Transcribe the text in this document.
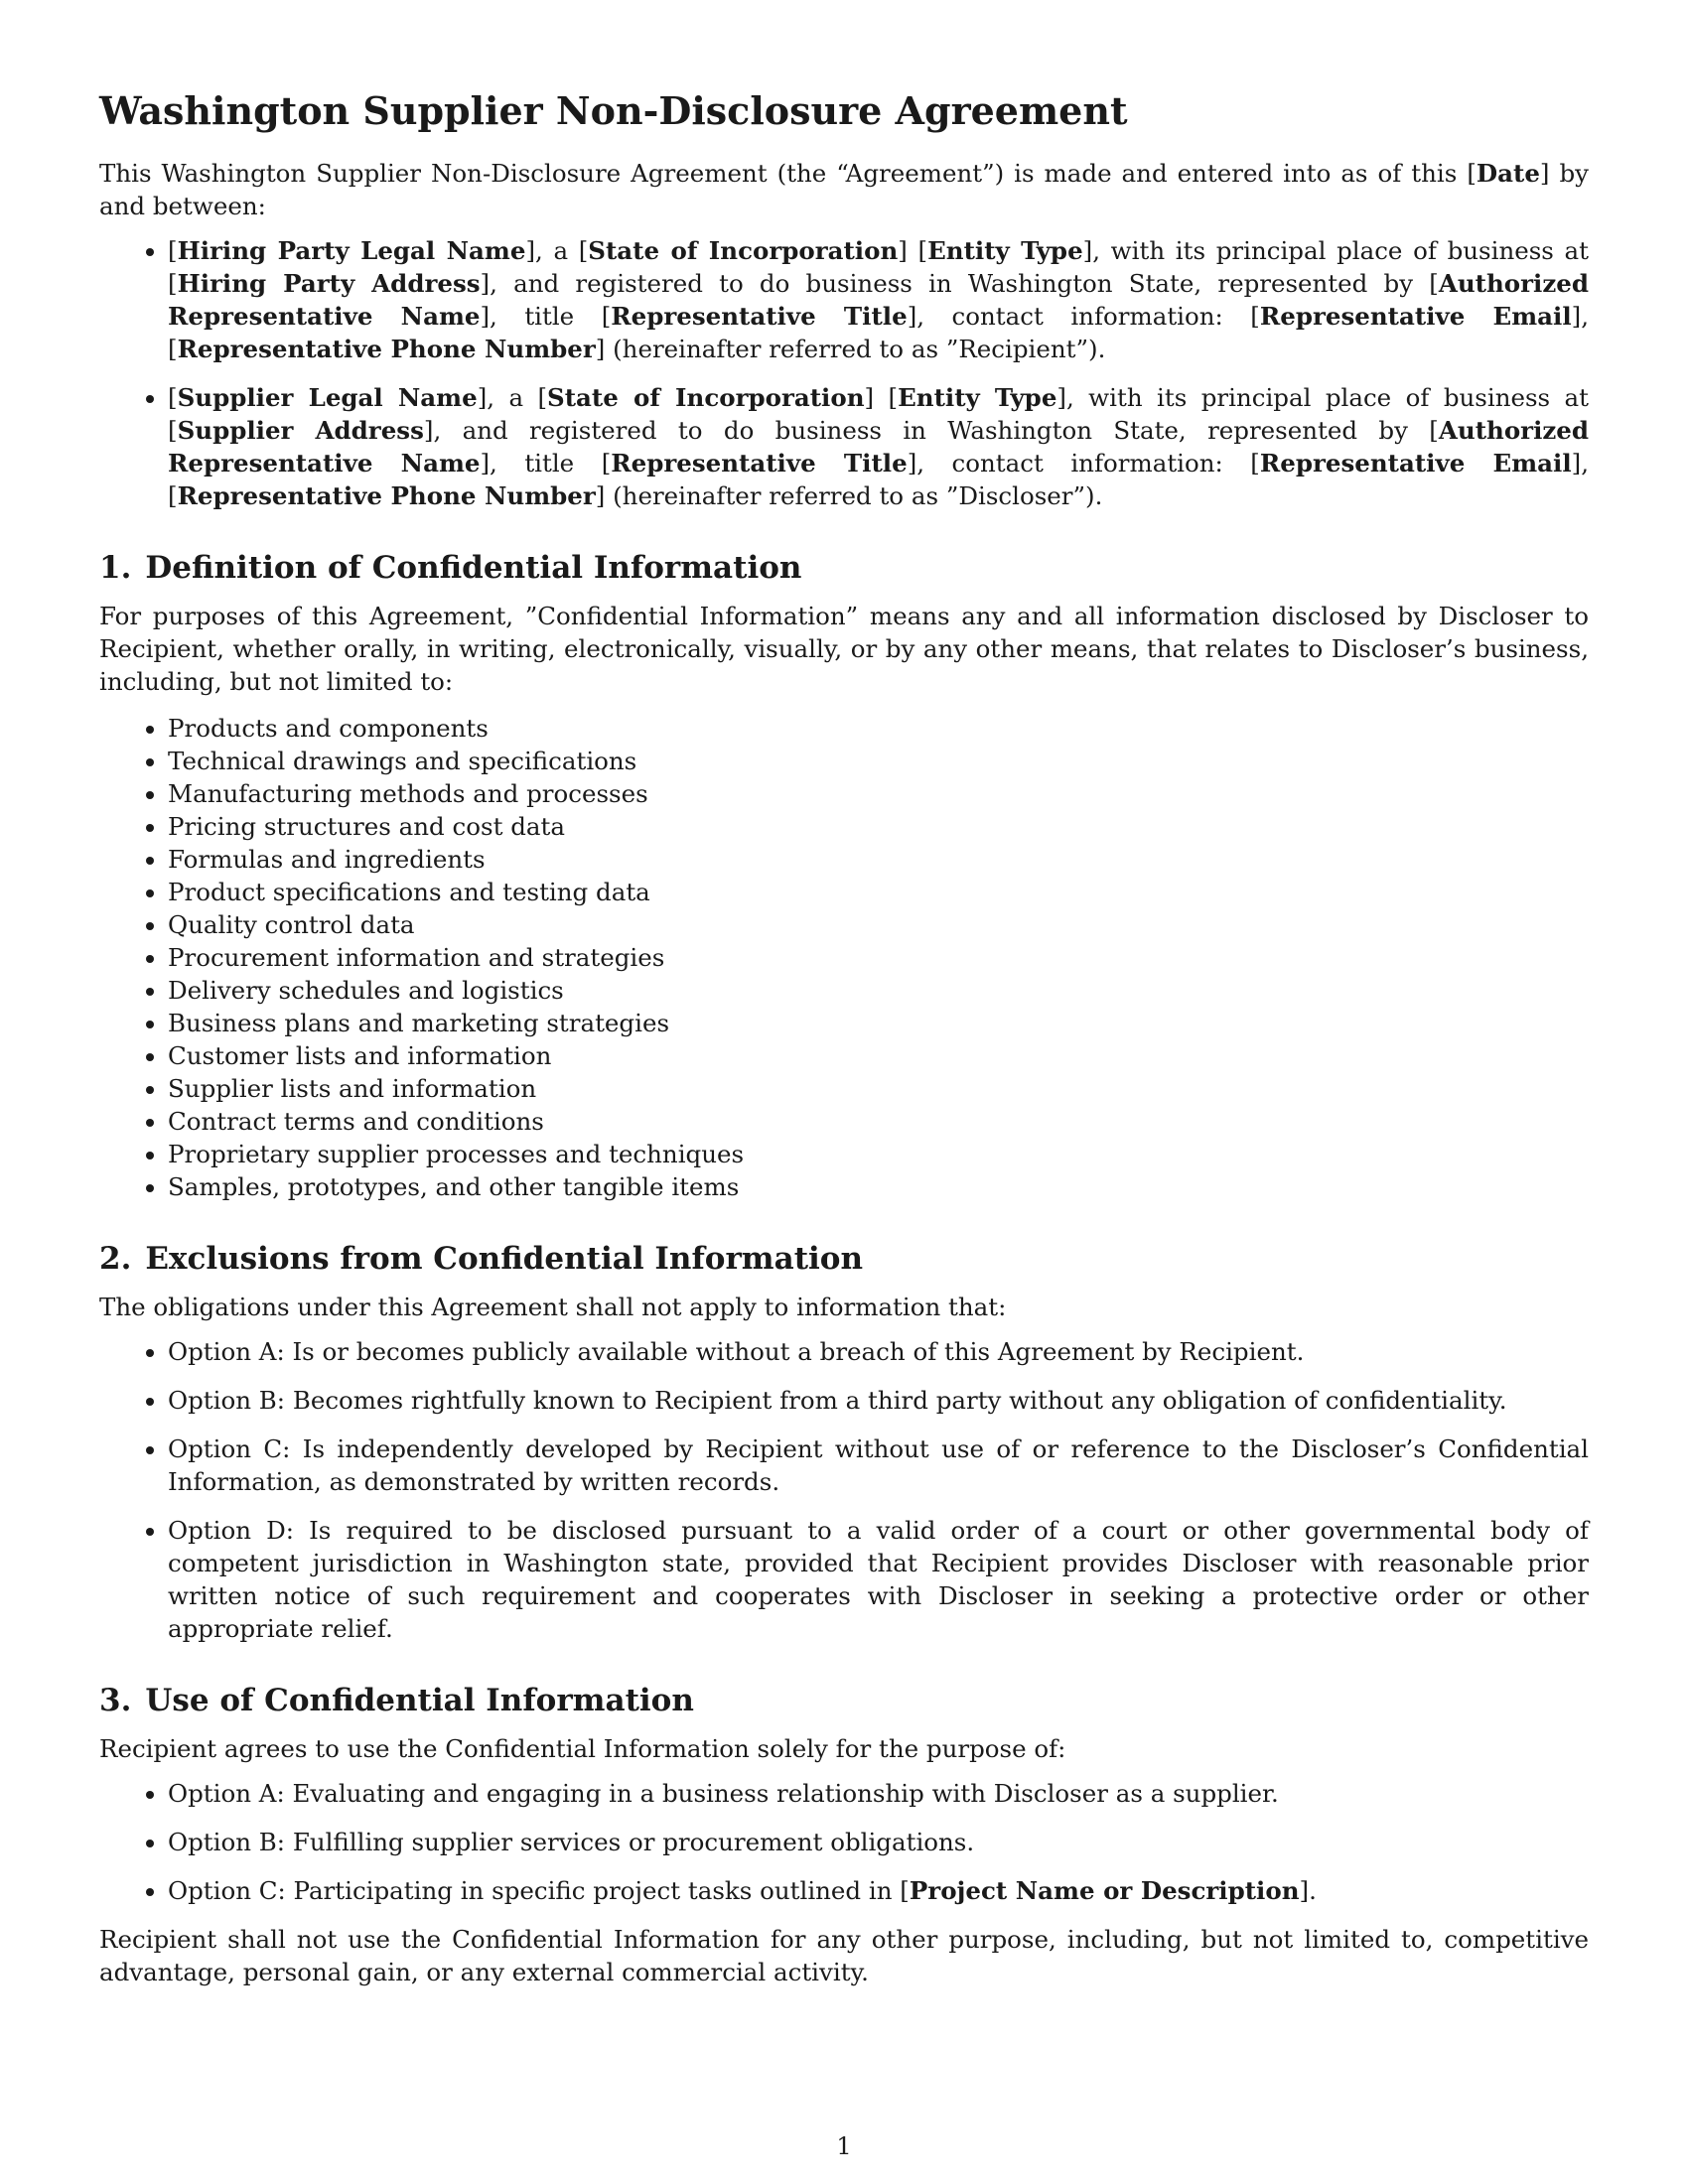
Washington Supplier Non-Disclosure Agreement

This Washington Supplier Non-Disclosure Agreement (the “Agreement”) is made and entered into as of this [Date] by and between:

• [Hiring Party Legal Name], a [State of Incorporation] [Entity Type], with its principal place of business at [Hiring Party Address], and registered to do business in Washington State, represented by [Authorized Representative Name], title [Representative Title], contact information: [Representative Email], [Representative Phone Number] (hereinafter referred to as ”Recipient”).
• [Supplier Legal Name], a [State of Incorporation] [Entity Type], with its principal place of business at [Supplier Address], and registered to do business in Washington State, represented by [Authorized Representative Name], title [Representative Title], contact information: [Representative Email], [Representative Phone Number] (hereinafter referred to as ”Discloser”).
1. Definition of Confidential Information

For purposes of this Agreement, ”Confidential Information” means any and all information disclosed by Discloser to Recipient, whether orally, in writing, electronically, visually, or by any other means, that relates to Discloser’s business, including, but not limited to:

• Products and components
• Technical drawings and specifications
• Manufacturing methods and processes
• Pricing structures and cost data
• Formulas and ingredients
• Product specifications and testing data
• Quality control data
• Procurement information and strategies
• Delivery schedules and logistics
• Business plans and marketing strategies
• Customer lists and information
• Supplier lists and information
• Contract terms and conditions
• Proprietary supplier processes and techniques
• Samples, prototypes, and other tangible items
2. Exclusions from Confidential Information

The obligations under this Agreement shall not apply to information that:

• Option A: Is or becomes publicly available without a breach of this Agreement by Recipient.
• Option B: Becomes rightfully known to Recipient from a third party without any obligation of confidentiality.
• Option C: Is independently developed by Recipient without use of or reference to the Discloser’s Confidential Information, as demonstrated by written records.
• Option D: Is required to be disclosed pursuant to a valid order of a court or other governmental body of competent jurisdiction in Washington state, provided that Recipient provides Discloser with reasonable prior written notice of such requirement and cooperates with Discloser in seeking a protective order or other appropriate relief.
3. Use of Confidential Information

Recipient agrees to use the Confidential Information solely for the purpose of:

• Option A: Evaluating and engaging in a business relationship with Discloser as a supplier.
• Option B: Fulfilling supplier services or procurement obligations.
• Option C: Participating in specific project tasks outlined in [Project Name or Description].

Recipient shall not use the Confidential Information for any other purpose, including, but not limited to, competitive advantage, personal gain, or any external commercial activity.

1
